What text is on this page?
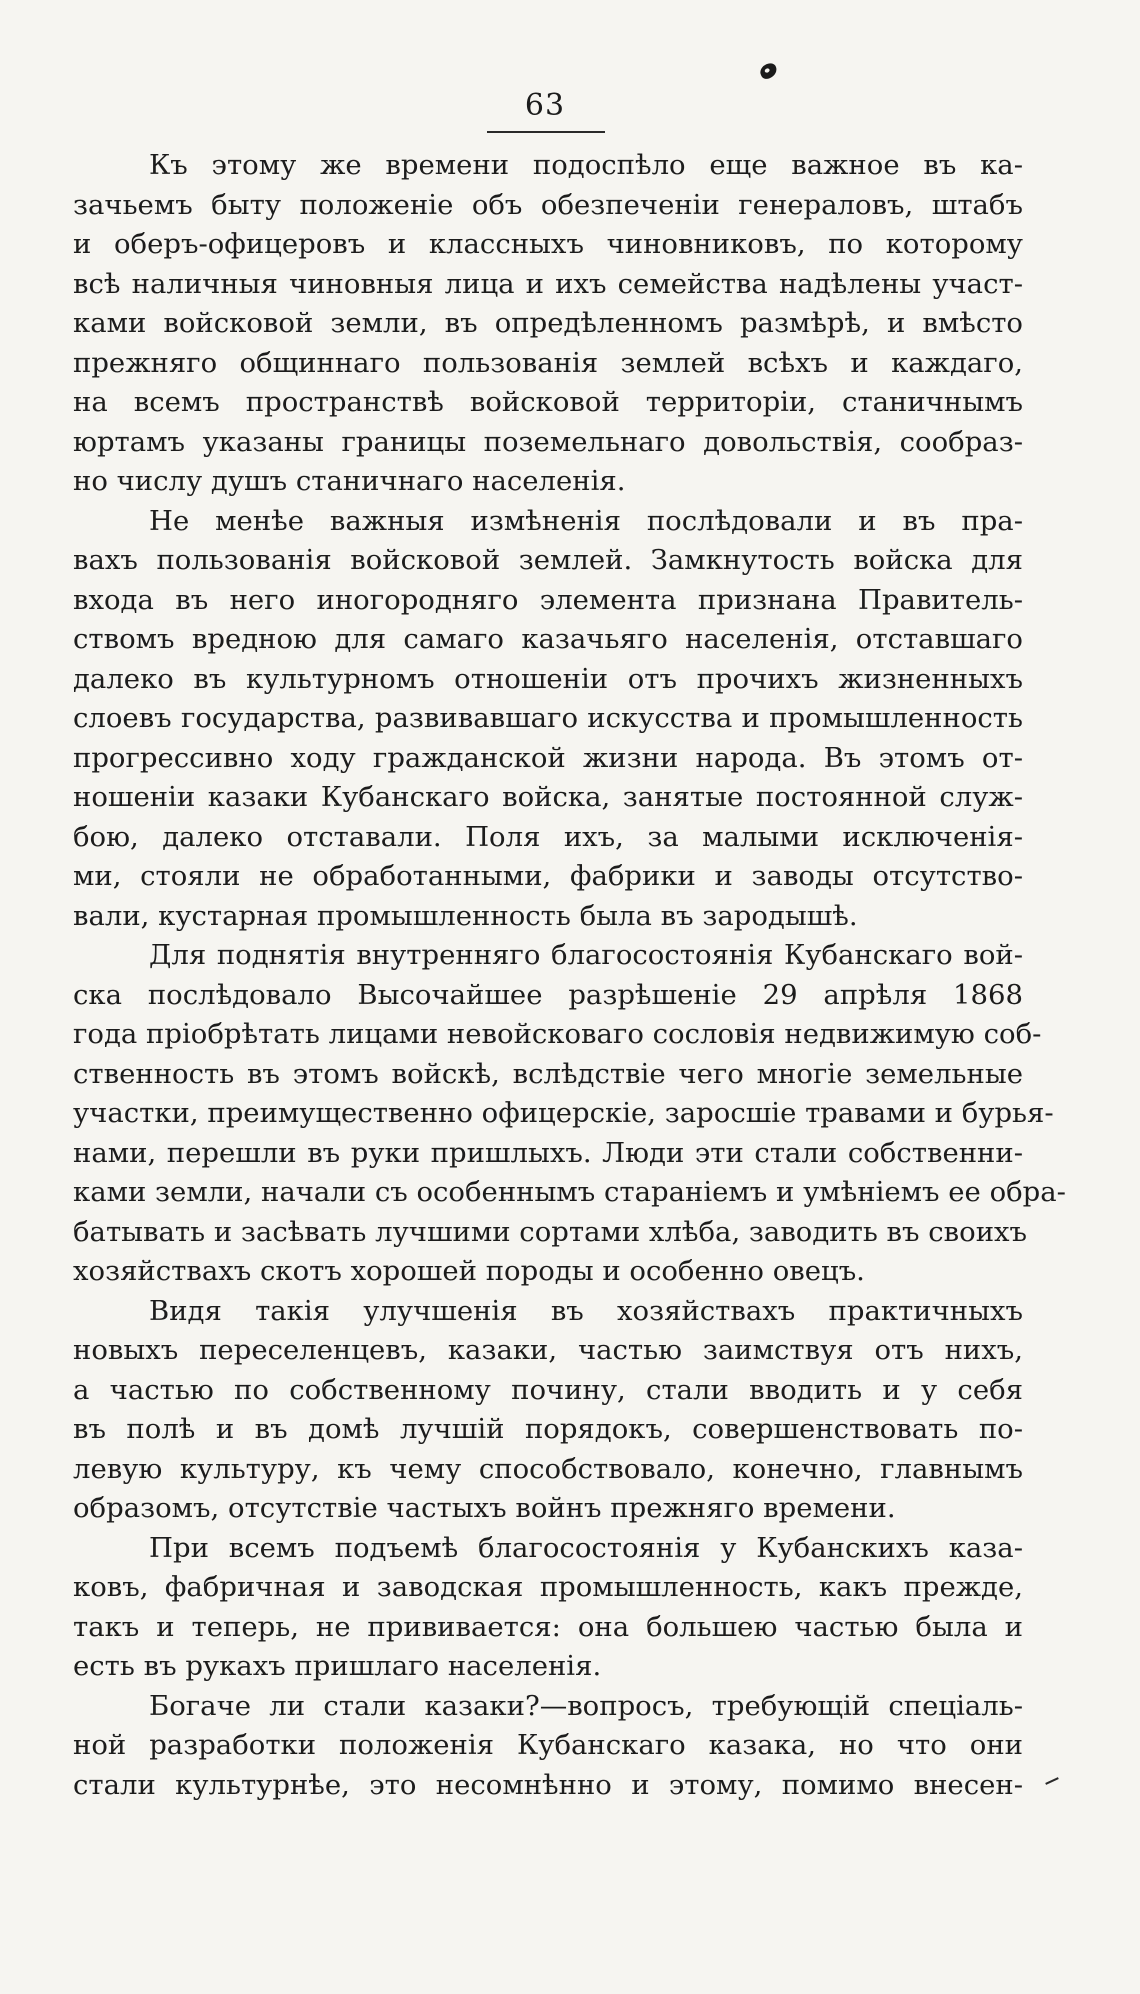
63
Къ этому же времени подоспѣло еще важное въ ка-
зачьемъ быту положеніе объ обезпеченіи генераловъ, штабъ
и оберъ-офицеровъ и классныхъ чиновниковъ, по которому
всѣ наличныя чиновныя лица и ихъ семейства надѣлены участ-
ками войсковой земли, въ опредѣленномъ размѣрѣ, и вмѣсто
прежняго общиннаго пользованія землей всѣхъ и каждаго,
на всемъ пространствѣ войсковой территоріи, станичнымъ
юртамъ указаны границы поземельнаго довольствія, сообраз-
но числу душъ станичнаго населенія.
Не менѣе важныя измѣненія послѣдовали и въ пра-
вахъ пользованія войсковой землей. Замкнутость войска для
входа въ него иногородняго элемента признана Правитель-
ствомъ вредною для самаго казачьяго населенія, отставшаго
далеко въ культурномъ отношеніи отъ прочихъ жизненныхъ
слоевъ государства, развивавшаго искусства и промышленность
прогрессивно ходу гражданской жизни народа. Въ этомъ от-
ношеніи казаки Кубанскаго войска, занятые постоянной служ-
бою, далеко отставали. Поля ихъ, за малыми исключенія-
ми, стояли не обработанными, фабрики и заводы отсутство-
вали, кустарная промышленность была въ зародышѣ.
Для поднятія внутренняго благосостоянія Кубанскаго вой-
ска послѣдовало Высочайшее разрѣшеніе 29 апрѣля 1868
года пріобрѣтать лицами невойсковаго сословія недвижимую соб-
ственность въ этомъ войскѣ, вслѣдствіе чего многіе земельные
участки, преимущественно офицерскіе, заросшіе травами и бурья-
нами, перешли въ руки пришлыхъ. Люди эти стали собственни-
ками земли, начали съ особеннымъ стараніемъ и умѣніемъ ее обра-
батывать и засѣвать лучшими сортами хлѣба, заводить въ своихъ
хозяйствахъ скотъ хорошей породы и особенно овецъ.
Видя такія улучшенія въ хозяйствахъ практичныхъ
новыхъ переселенцевъ, казаки, частью заимствуя отъ нихъ,
а частью по собственному почину, стали вводить и у себя
въ полѣ и въ домѣ лучшій порядокъ, совершенствовать по-
левую культуру, къ чему способствовало, конечно, главнымъ
образомъ, отсутствіе частыхъ войнъ прежняго времени.
При всемъ подъемѣ благосостоянія у Кубанскихъ каза-
ковъ, фабричная и заводская промышленность, какъ прежде,
такъ и теперь, не прививается: она большею частью была и
есть въ рукахъ пришлаго населенія.
Богаче ли стали казаки?—вопросъ, требующій спеціаль-
ной разработки положенія Кубанскаго казака, но что они
стали культурнѣе, это несомнѣнно и этому, помимо внесен-
